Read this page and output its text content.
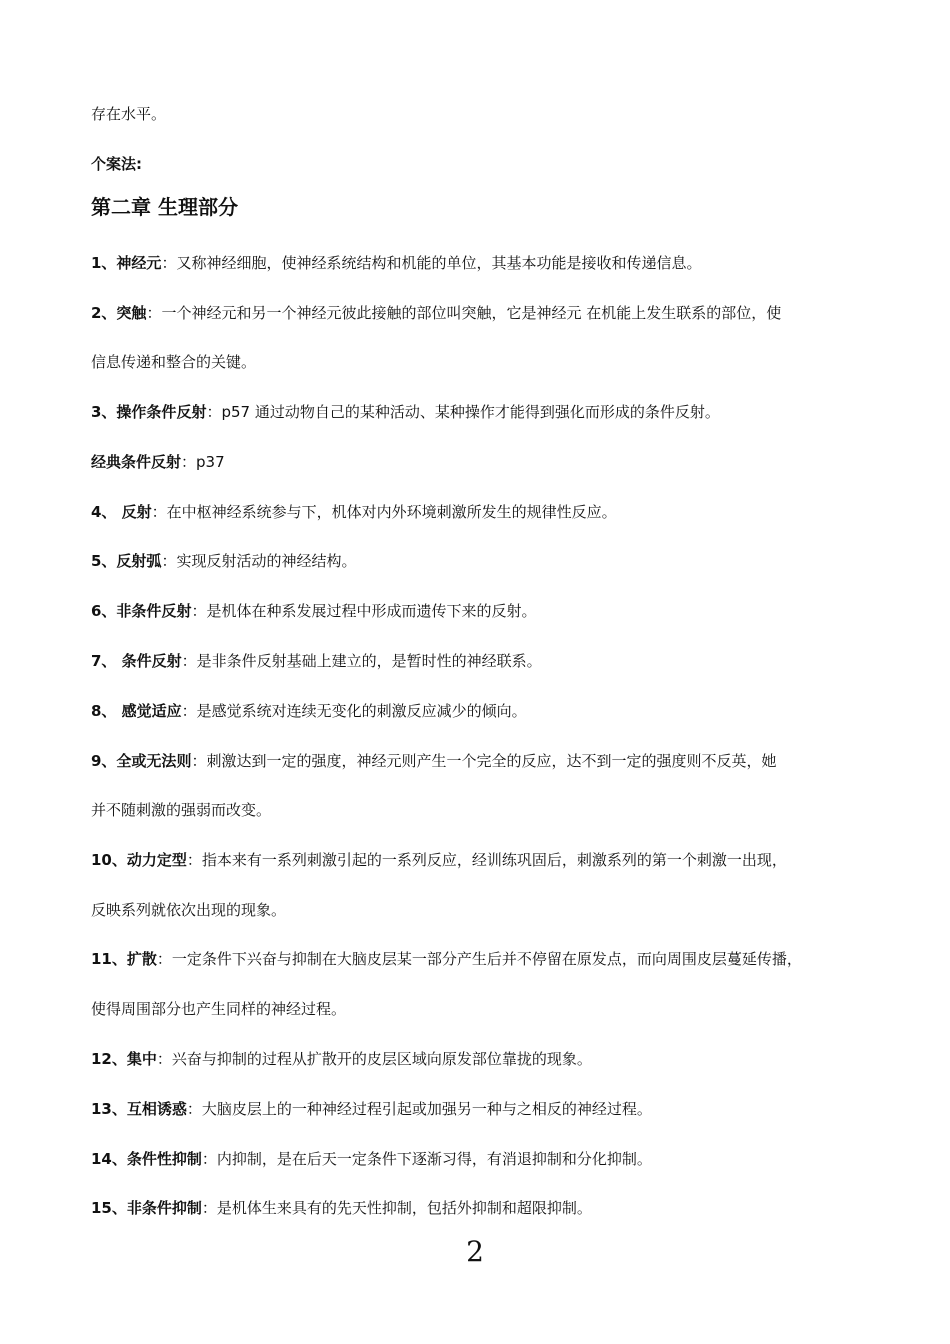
存在水平。
个案法:
第二章 生理部分
1、神经元：又称神经细胞，使神经系统结构和机能的单位，其基本功能是接收和传递信息。
2、突触：一个神经元和另一个神经元彼此接触的部位叫突触，它是神经元 在机能上发生联系的部位，使
信息传递和整合的关键。
3、操作条件反射：p57 通过动物自己的某种活动、某种操作才能得到强化而形成的条件反射。
经典条件反射：p37
4、 反射：在中枢神经系统参与下，机体对内外环境刺激所发生的规律性反应。
5、反射弧：实现反射活动的神经结构。
6、非条件反射：是机体在种系发展过程中形成而遗传下来的反射。
7、 条件反射：是非条件反射基础上建立的，是暂时性的神经联系。
8、 感觉适应：是感觉系统对连续无变化的刺激反应减少的倾向。
9、全或无法则：刺激达到一定的强度，神经元则产生一个完全的反应，达不到一定的强度则不反英，她
并不随刺激的强弱而改变。
10、动力定型：指本来有一系列刺激引起的一系列反应，经训练巩固后，刺激系列的第一个刺激一出现，
反映系列就依次出现的现象。
11、扩散：一定条件下兴奋与抑制在大脑皮层某一部分产生后并不停留在原发点，而向周围皮层蔓延传播，
使得周围部分也产生同样的神经过程。
12、集中：兴奋与抑制的过程从扩散开的皮层区域向原发部位靠拢的现象。
13、互相诱惑：大脑皮层上的一种神经过程引起或加强另一种与之相反的神经过程。
14、条件性抑制：内抑制，是在后天一定条件下逐渐习得，有消退抑制和分化抑制。
15、非条件抑制：是机体生来具有的先天性抑制，包括外抑制和超限抑制。
2
